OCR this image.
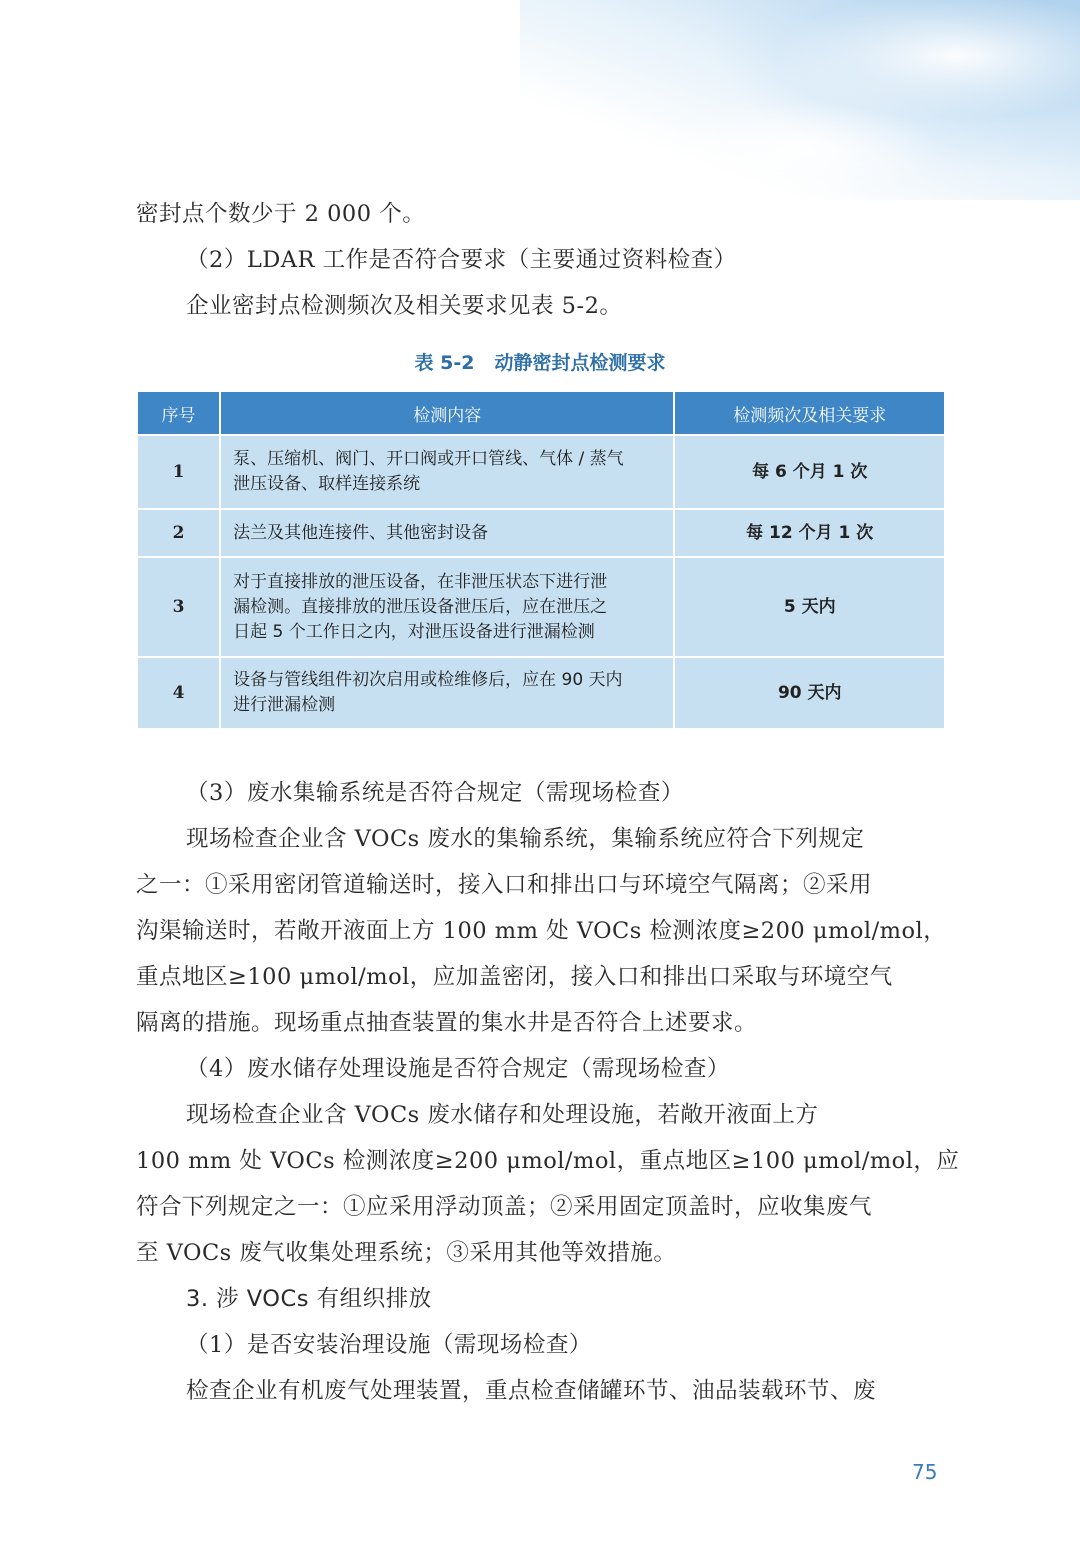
密封点个数少于 2 000 个。
（2）LDAR 工作是否符合要求（主要通过资料检查）
企业密封点检测频次及相关要求见表 5-2。
表 5-2 动静密封点检测要求
序号	检测内容	检测频次及相关要求
1	泵、压缩机、阀门、开口阀或开口管线、气体 / 蒸气
泄压设备、取样连接系统	每 6 个月 1 次
2	法兰及其他连接件、其他密封设备	每 12 个月 1 次
3	对于直接排放的泄压设备，在非泄压状态下进行泄
漏检测。直接排放的泄压设备泄压后，应在泄压之
日起 5 个工作日之内，对泄压设备进行泄漏检测	5 天内
4	设备与管线组件初次启用或检维修后，应在 90 天内
进行泄漏检测	90 天内
（3）废水集输系统是否符合规定（需现场检查）
现场检查企业含 VOCs 废水的集输系统，集输系统应符合下列规定
之一：①采用密闭管道输送时，接入口和排出口与环境空气隔离；②采用
沟渠输送时，若敞开液面上方 100 mm 处 VOCs 检测浓度≥200 μmol/mol，
重点地区≥100 μmol/mol，应加盖密闭，接入口和排出口采取与环境空气
隔离的措施。现场重点抽查装置的集水井是否符合上述要求。
（4）废水储存处理设施是否符合规定（需现场检查）
现场检查企业含 VOCs 废水储存和处理设施，若敞开液面上方
100 mm 处 VOCs 检测浓度≥200 μmol/mol，重点地区≥100 μmol/mol，应
符合下列规定之一：①应采用浮动顶盖；②采用固定顶盖时，应收集废气
至 VOCs 废气收集处理系统；③采用其他等效措施。
3. 涉 VOCs 有组织排放
（1）是否安装治理设施（需现场检查）
检查企业有机废气处理装置，重点检查储罐环节、油品装载环节、废
75
